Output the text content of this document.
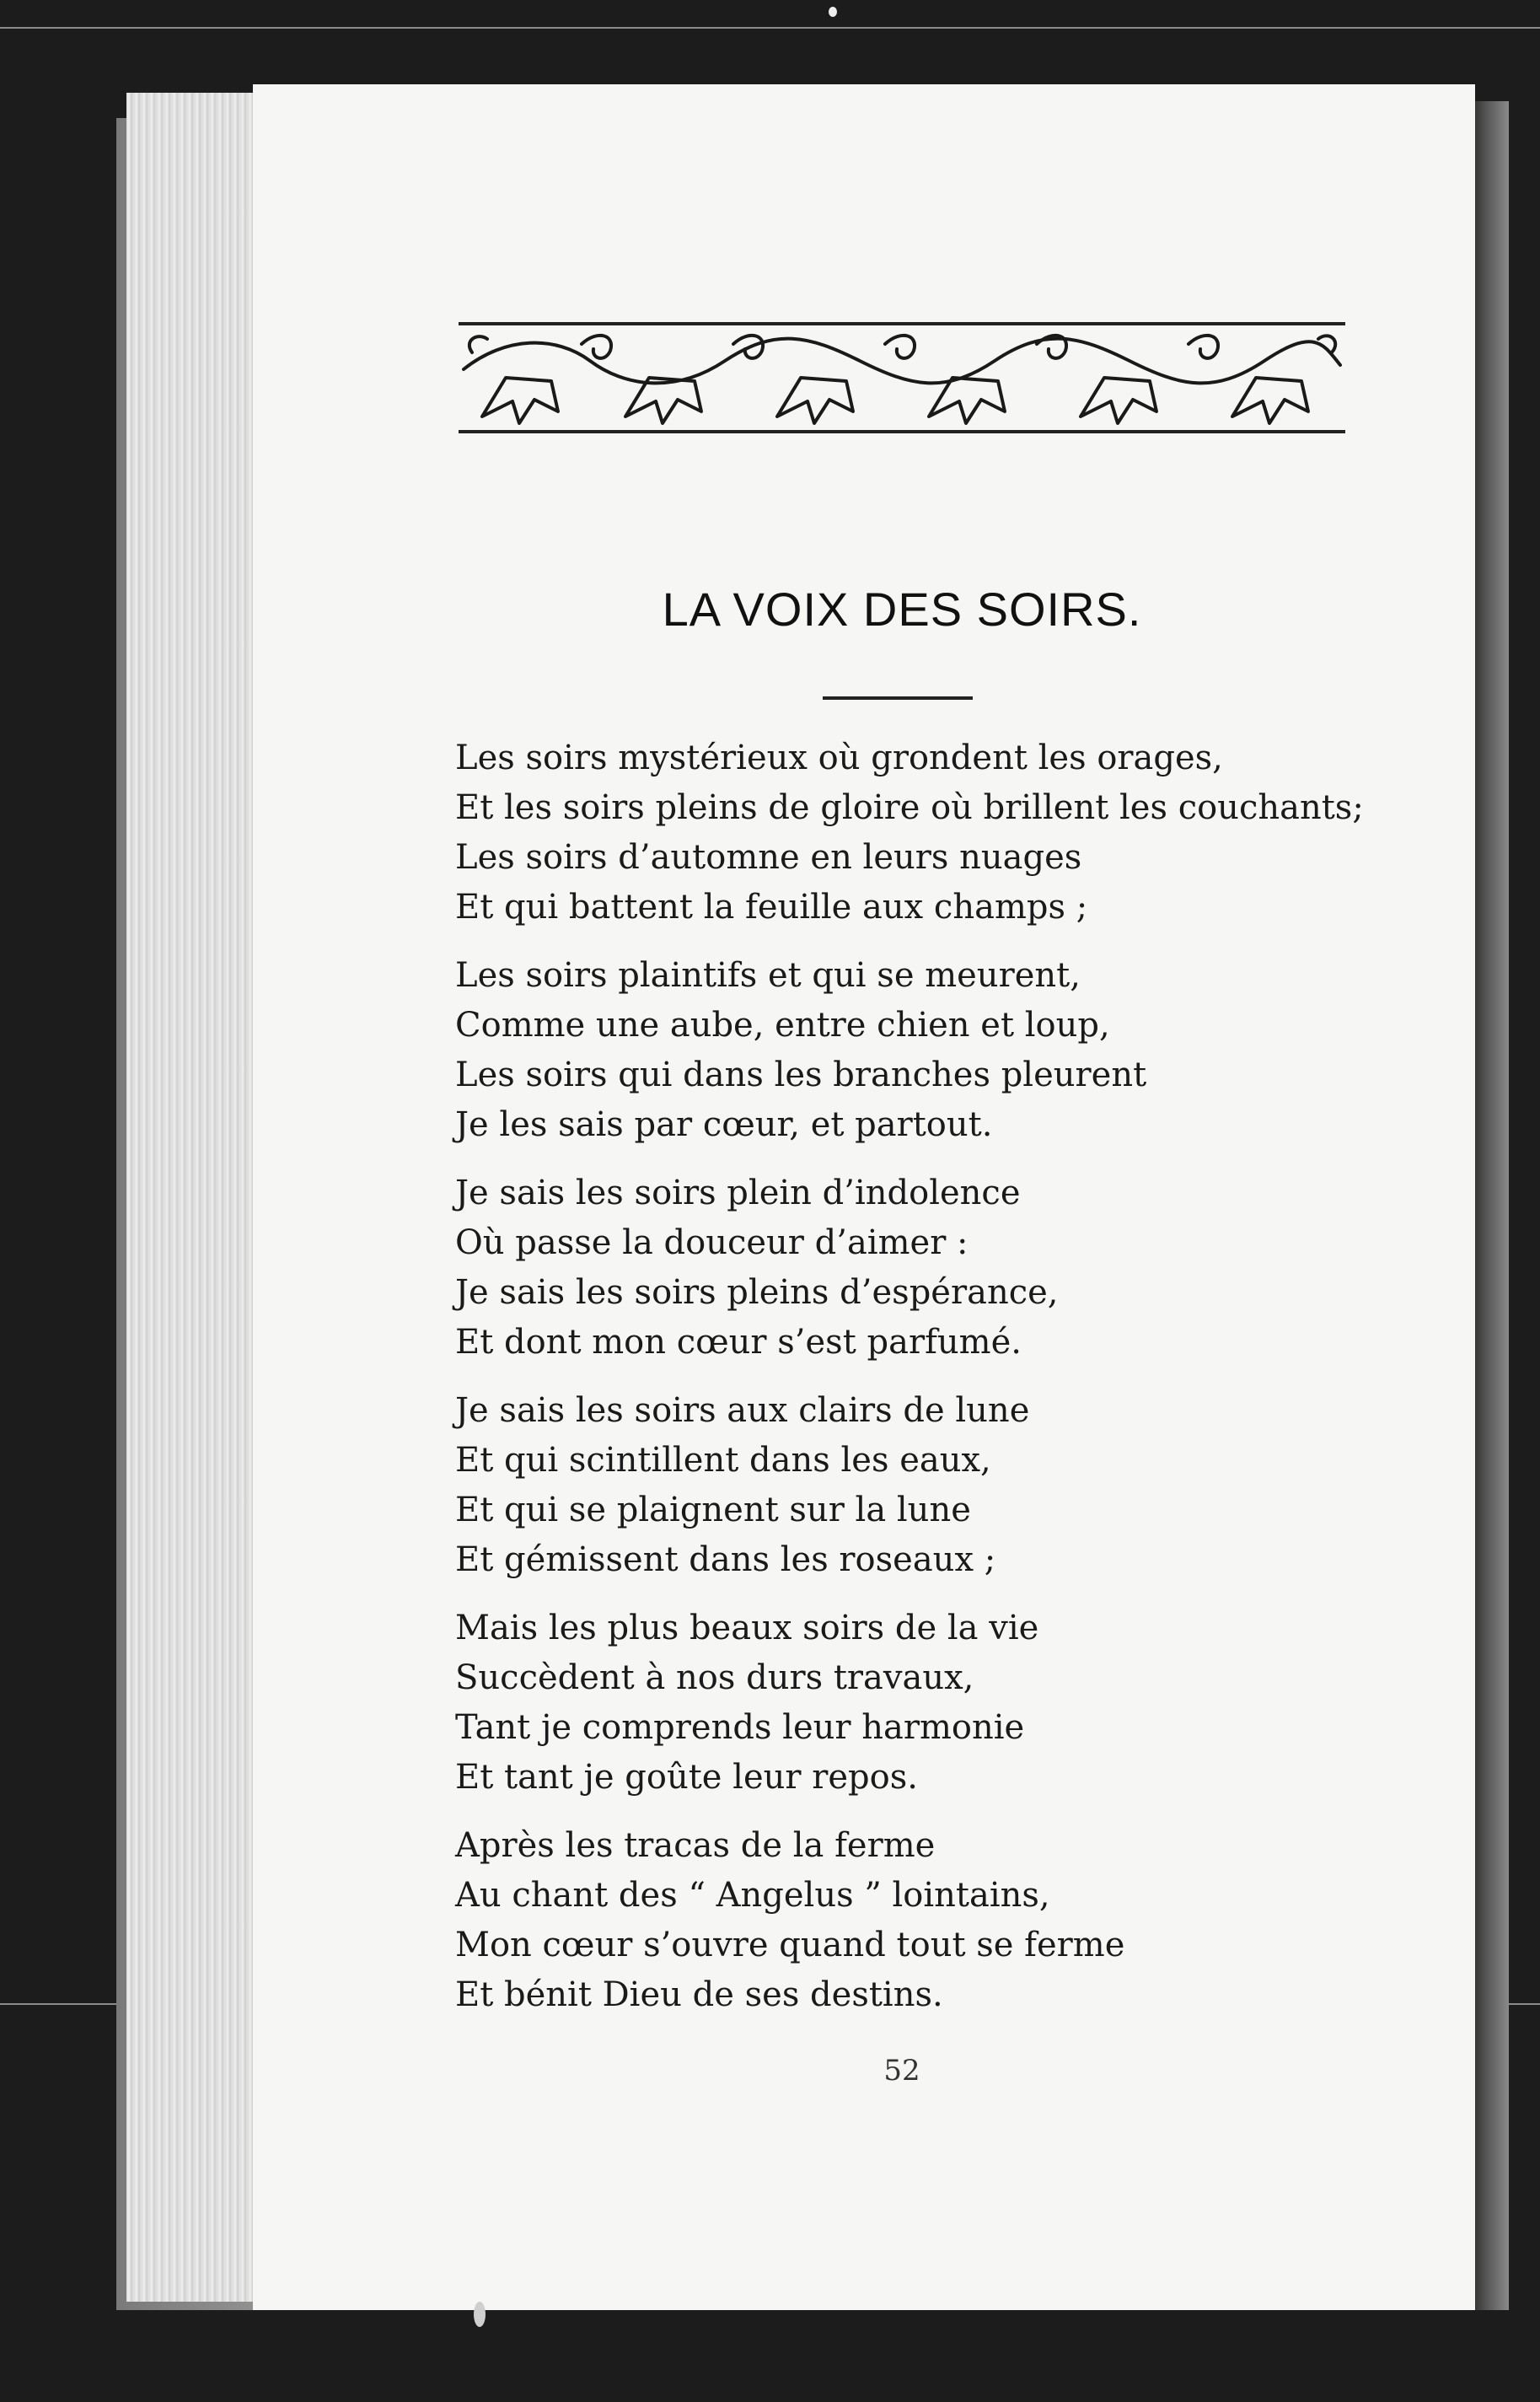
LA VOIX DES SOIRS.
Les soirs mystérieux où grondent les orages,
Et les soirs pleins de gloire où brillent les couchants;
Les soirs d’automne en leurs nuages
Et qui battent la feuille aux champs ;
Les soirs plaintifs et qui se meurent,
Comme une aube, entre chien et loup,
Les soirs qui dans les branches pleurent
Je les sais par cœur, et partout.
Je sais les soirs plein d’indolence
Où passe la douceur d’aimer :
Je sais les soirs pleins d’espérance,
Et dont mon cœur s’est parfumé.
Je sais les soirs aux clairs de lune
Et qui scintillent dans les eaux,
Et qui se plaignent sur la lune
Et gémissent dans les roseaux ;
Mais les plus beaux soirs de la vie
Succèdent à nos durs travaux,
Tant je comprends leur harmonie
Et tant je goûte leur repos.
Après les tracas de la ferme
Au chant des “ Angelus ” lointains,
Mon cœur s’ouvre quand tout se ferme
Et bénit Dieu de ses destins.
52
